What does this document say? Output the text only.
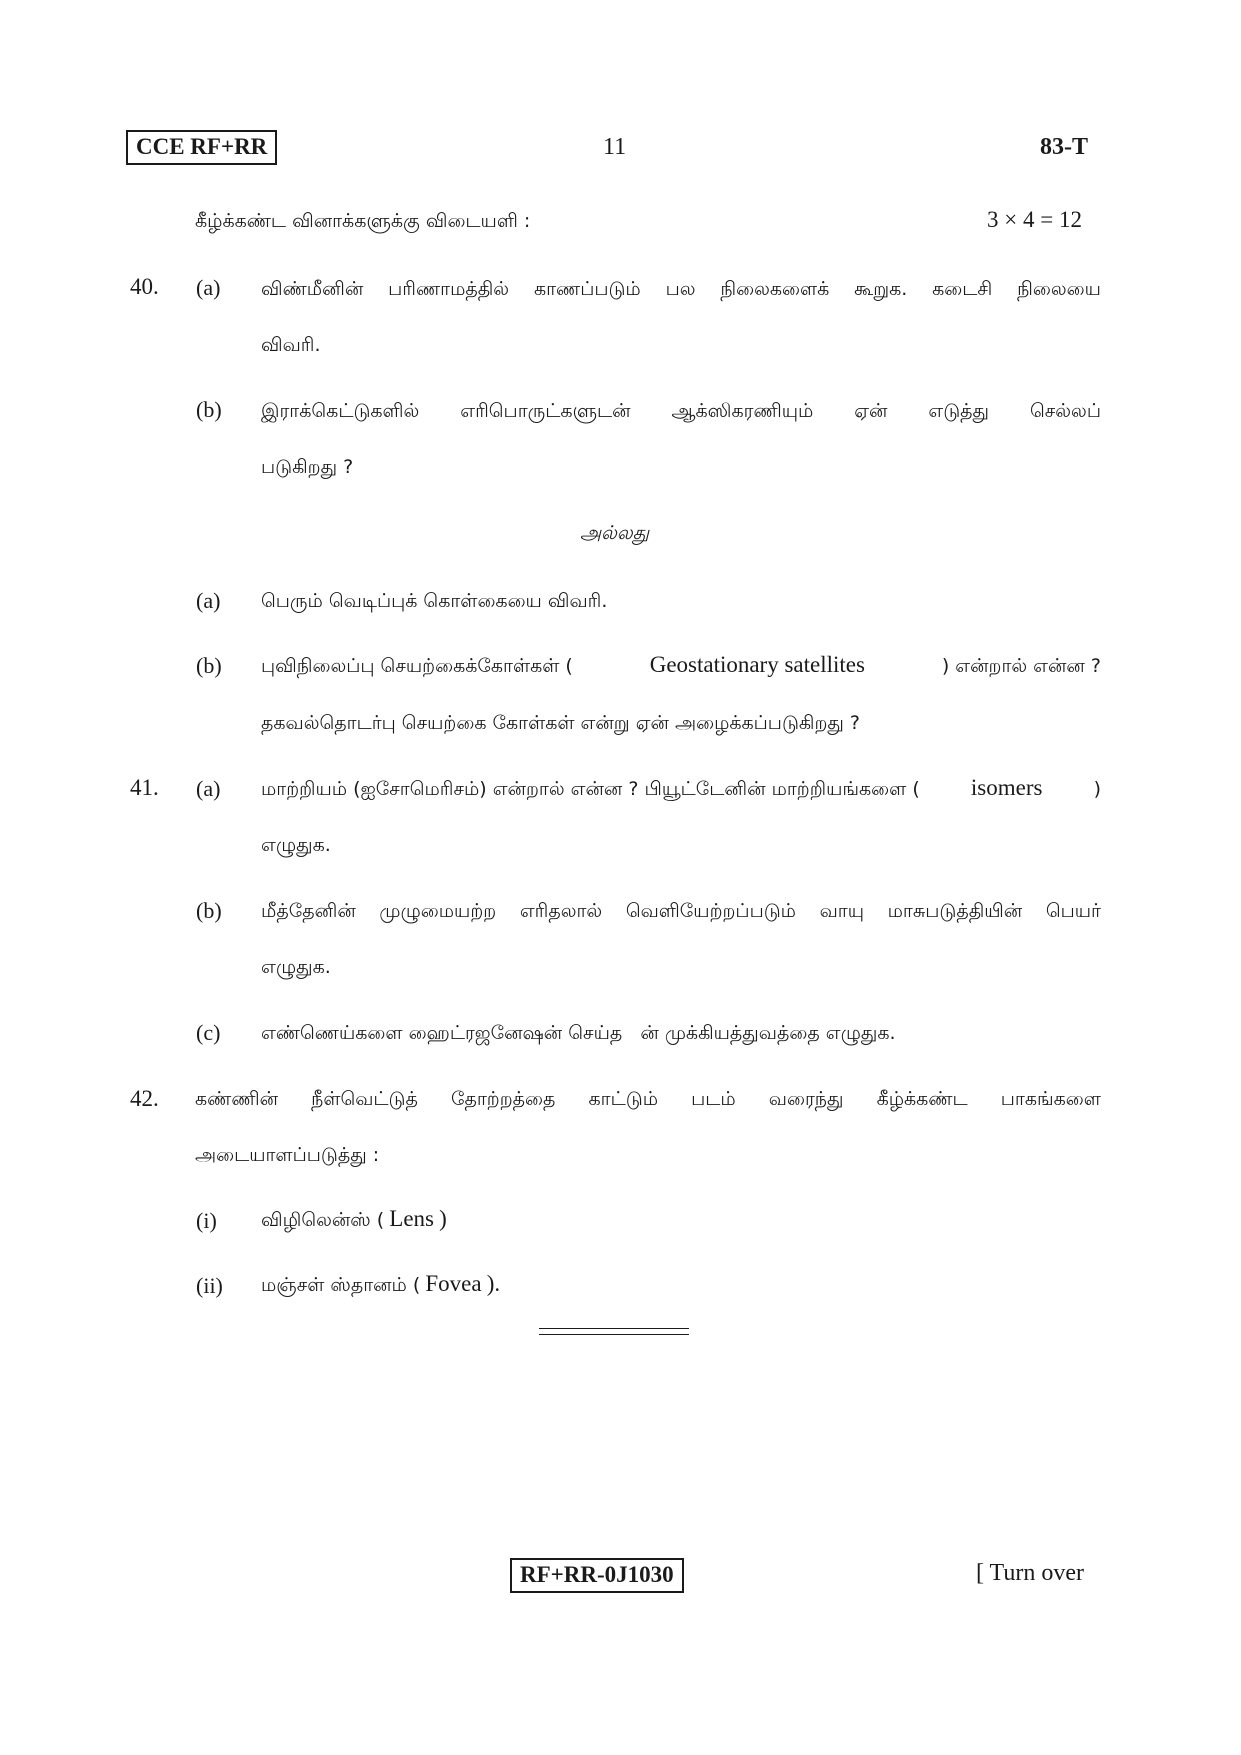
CCE RF+RR	11	83-T
கீழ்க்கண்ட வினாக்களுக்கு விடையளி :	3 × 4 = 12
40. (a) விண்மீனின் பரிணாமத்தில் காணப்படும் பல நிலைகளைக் கூறுக. கடைசி நிலையை
விவரி.
(b) இராக்கெட்டுகளில் எரிபொருட்களுடன் ஆக்ஸிகரணியும் ஏன் எடுத்து செல்லப்
படுகிறது ?
அல்லது
(a) பெரும் வெடிப்புக் கொள்கையை விவரி.
(b) புவிநிலைப்பு செயற்கைக்கோள்கள் (	Geostationary satellites	) என்றால் என்ன ?
தகவல்தொடர்பு செயற்கை கோள்கள் என்று ஏன் அழைக்கப்படுகிறது ?
41. (a) மாற்றியம் (ஐசோமெரிசம்) என்றால் என்ன ? பியூட்டேனின் மாற்றியங்களை ( isomers	)
எழுதுக.
(b) மீத்தேனின் முழுமையற்ற எரிதலால் வெளியேற்றப்படும் வாயு மாசுபடுத்தியின் பெயர்
எழுதுக.
(c) எண்ணெய்களை ஹைட்ரஜனேஷன் செய்த   ன் முக்கியத்துவத்தை எழுதுக.
42. கண்ணின் நீள்வெட்டுத் தோற்றத்தை காட்டும் படம் வரைந்து கீழ்க்கண்ட பாகங்களை
அடையாளப்படுத்து :
(i) விழிலென்ஸ் ( Lens )
(ii) மஞ்சள் ஸ்தானம் ( Fovea ).
RF+RR-0J1030	[ Turn over
